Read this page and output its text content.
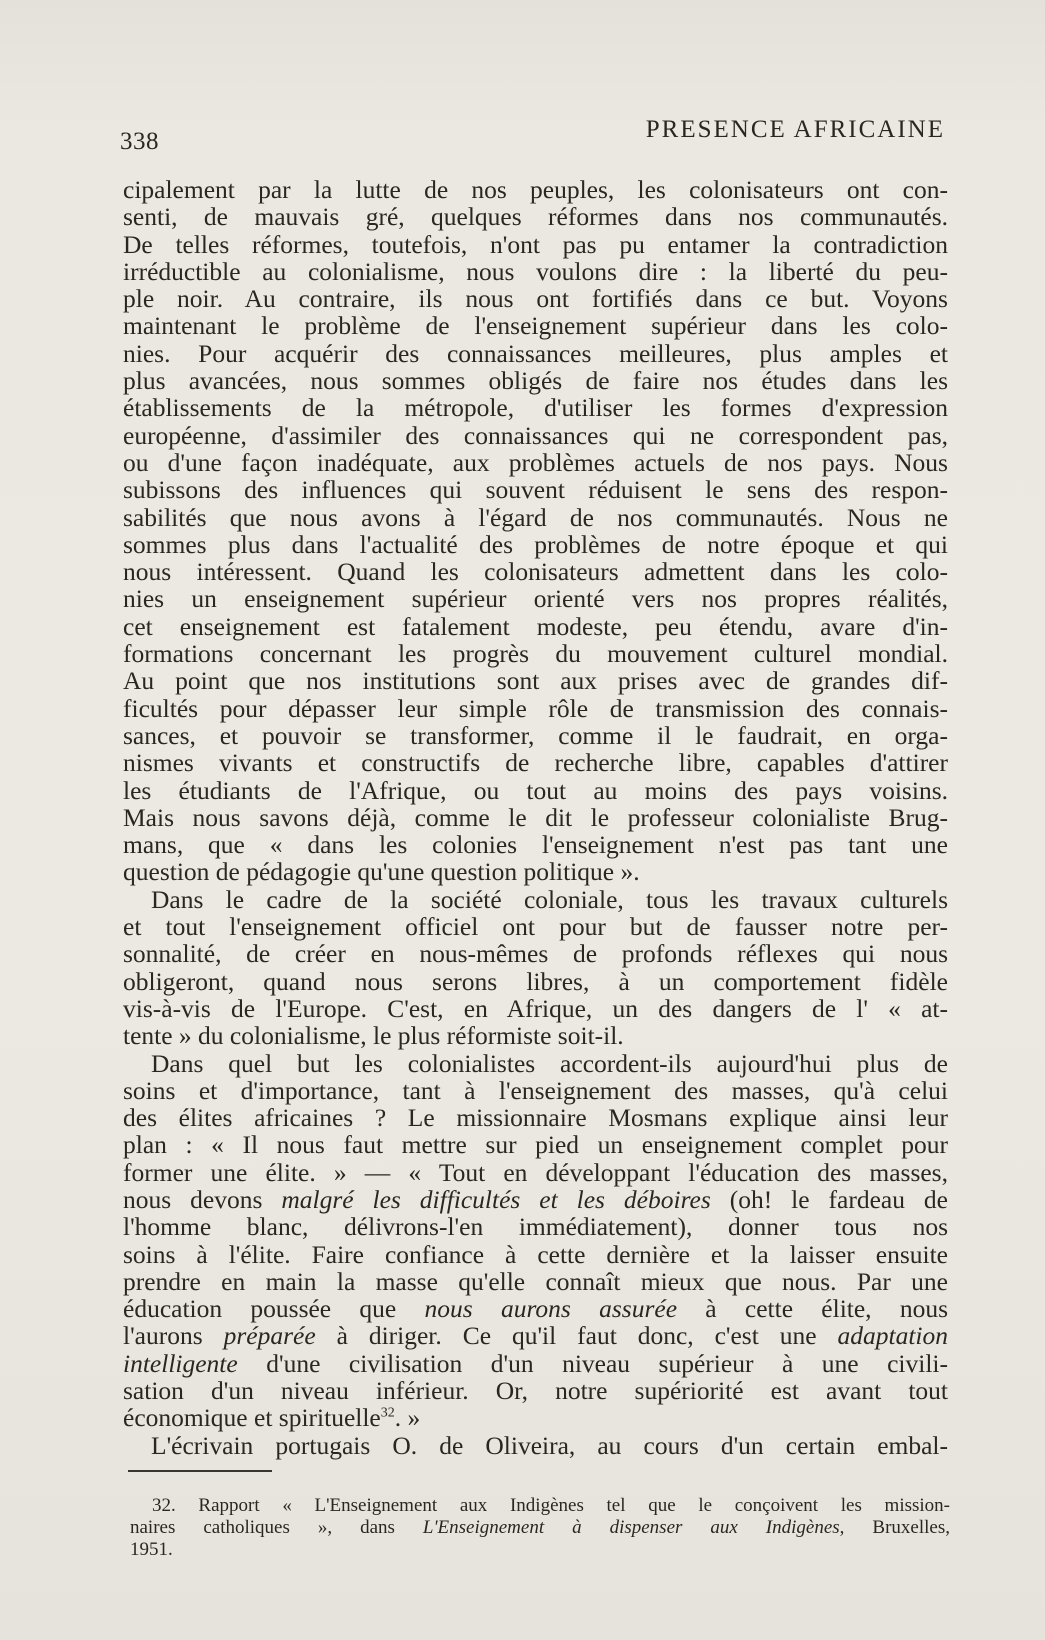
338	PRESENCE AFRICAINE
cipalement par la lutte de nos peuples, les colonisateurs ont con-
senti, de mauvais gré, quelques réformes dans nos communautés.
De telles réformes, toutefois, n'ont pas pu entamer la contradiction
irréductible au colonialisme, nous voulons dire : la liberté du peu-
ple noir. Au contraire, ils nous ont fortifiés dans ce but. Voyons
maintenant le problème de l'enseignement supérieur dans les colo-
nies. Pour acquérir des connaissances meilleures, plus amples et
plus avancées, nous sommes obligés de faire nos études dans les
établissements de la métropole, d'utiliser les formes d'expression
européenne, d'assimiler des connaissances qui ne correspondent pas,
ou d'une façon inadéquate, aux problèmes actuels de nos pays. Nous
subissons des influences qui souvent réduisent le sens des respon-
sabilités que nous avons à l'égard de nos communautés. Nous ne
sommes plus dans l'actualité des problèmes de notre époque et qui
nous intéressent. Quand les colonisateurs admettent dans les colo-
nies un enseignement supérieur orienté vers nos propres réalités,
cet enseignement est fatalement modeste, peu étendu, avare d'in-
formations concernant les progrès du mouvement culturel mondial.
Au point que nos institutions sont aux prises avec de grandes dif-
ficultés pour dépasser leur simple rôle de transmission des connais-
sances, et pouvoir se transformer, comme il le faudrait, en orga-
nismes vivants et constructifs de recherche libre, capables d'attirer
les étudiants de l'Afrique, ou tout au moins des pays voisins.
Mais nous savons déjà, comme le dit le professeur colonialiste Brug-
mans, que « dans les colonies l'enseignement n'est pas tant une
question de pédagogie qu'une question politique ».
Dans le cadre de la société coloniale, tous les travaux culturels
et tout l'enseignement officiel ont pour but de fausser notre per-
sonnalité, de créer en nous-mêmes de profonds réflexes qui nous
obligeront, quand nous serons libres, à un comportement fidèle
vis-à-vis de l'Europe. C'est, en Afrique, un des dangers de l' « at-
tente » du colonialisme, le plus réformiste soit-il.
Dans quel but les colonialistes accordent-ils aujourd'hui plus de
soins et d'importance, tant à l'enseignement des masses, qu'à celui
des élites africaines ? Le missionnaire Mosmans explique ainsi leur
plan : « Il nous faut mettre sur pied un enseignement complet pour
former une élite. » — « Tout en développant l'éducation des masses,
nous devons malgré les difficultés et les déboires (oh! le fardeau de
l'homme blanc, délivrons-l'en immédiatement), donner tous nos
soins à l'élite. Faire confiance à cette dernière et la laisser ensuite
prendre en main la masse qu'elle connaît mieux que nous. Par une
éducation poussée que nous aurons assurée à cette élite, nous
l'aurons préparée à diriger. Ce qu'il faut donc, c'est une adaptation
intelligente d'une civilisation d'un niveau supérieur à une civili-
sation d'un niveau inférieur. Or, notre supériorité est avant tout
économique et spirituelle$^{32}$. »
L'écrivain portugais O. de Oliveira, au cours d'un certain embal-
32. Rapport « L'Enseignement aux Indigènes tel que le conçoivent les mission-
naires catholiques », dans L'Enseignement à dispenser aux Indigènes, Bruxelles,
1951.
